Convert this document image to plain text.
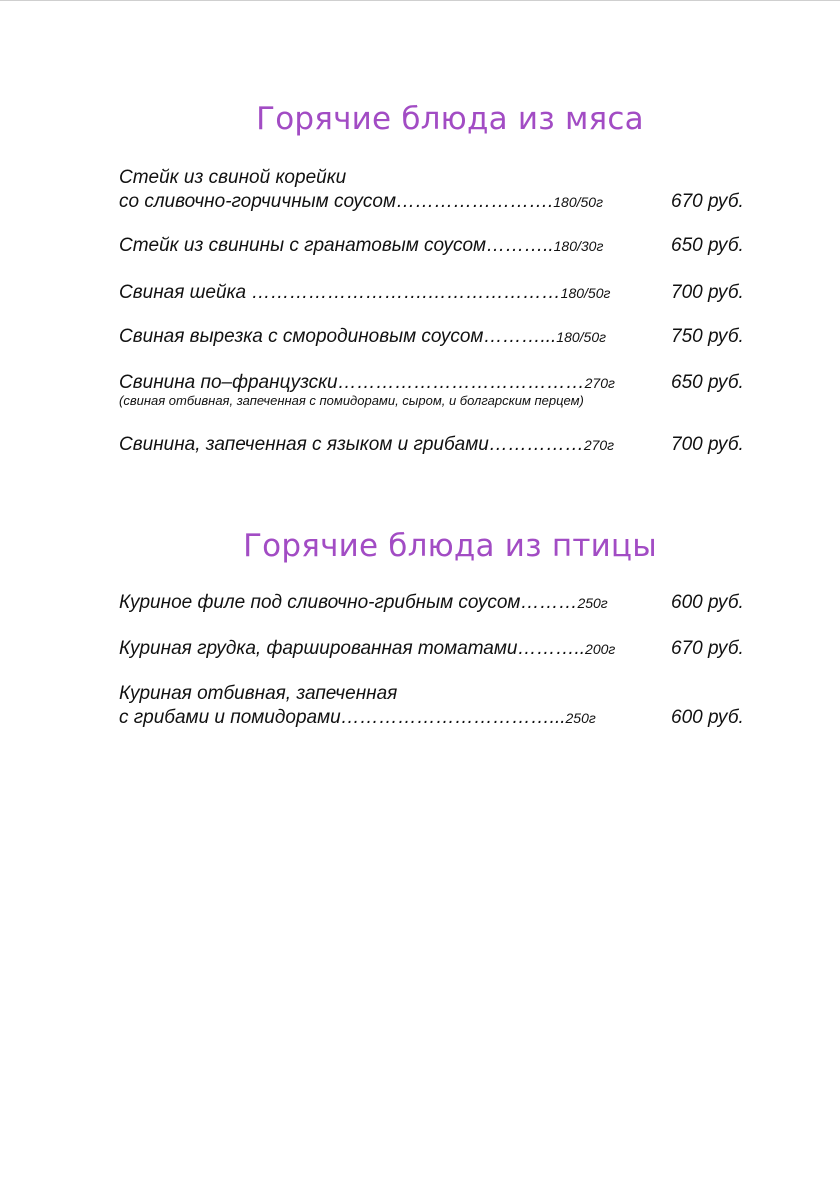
Горячие блюда из мяса
Стейк из свиной корейки
со сливочно-горчичным соусом…………………….180/50г	670 руб.
Стейк из свинины с гранатовым соусом………..180/30г	650 руб.
Свиная шейка ……………………….…………………180/50г	700 руб.
Свиная вырезка с смородиновым соусом………...180/50г	750 руб.
Свинина по–французски…………………………………270г	650 руб.
(свиная отбивная, запеченная с помидорами, сыром, и болгарским перцем)
Свинина, запеченная с языком и грибами……………270г	700 руб.
Горячие блюда из птицы
Куриное филе под сливочно-грибным соусом………250г	600 руб.
Куриная грудка, фаршированная томатами………..200г	670 руб.
Куриная отбивная, запеченная
с грибами и помидорами……………………………...250г	600 руб.
